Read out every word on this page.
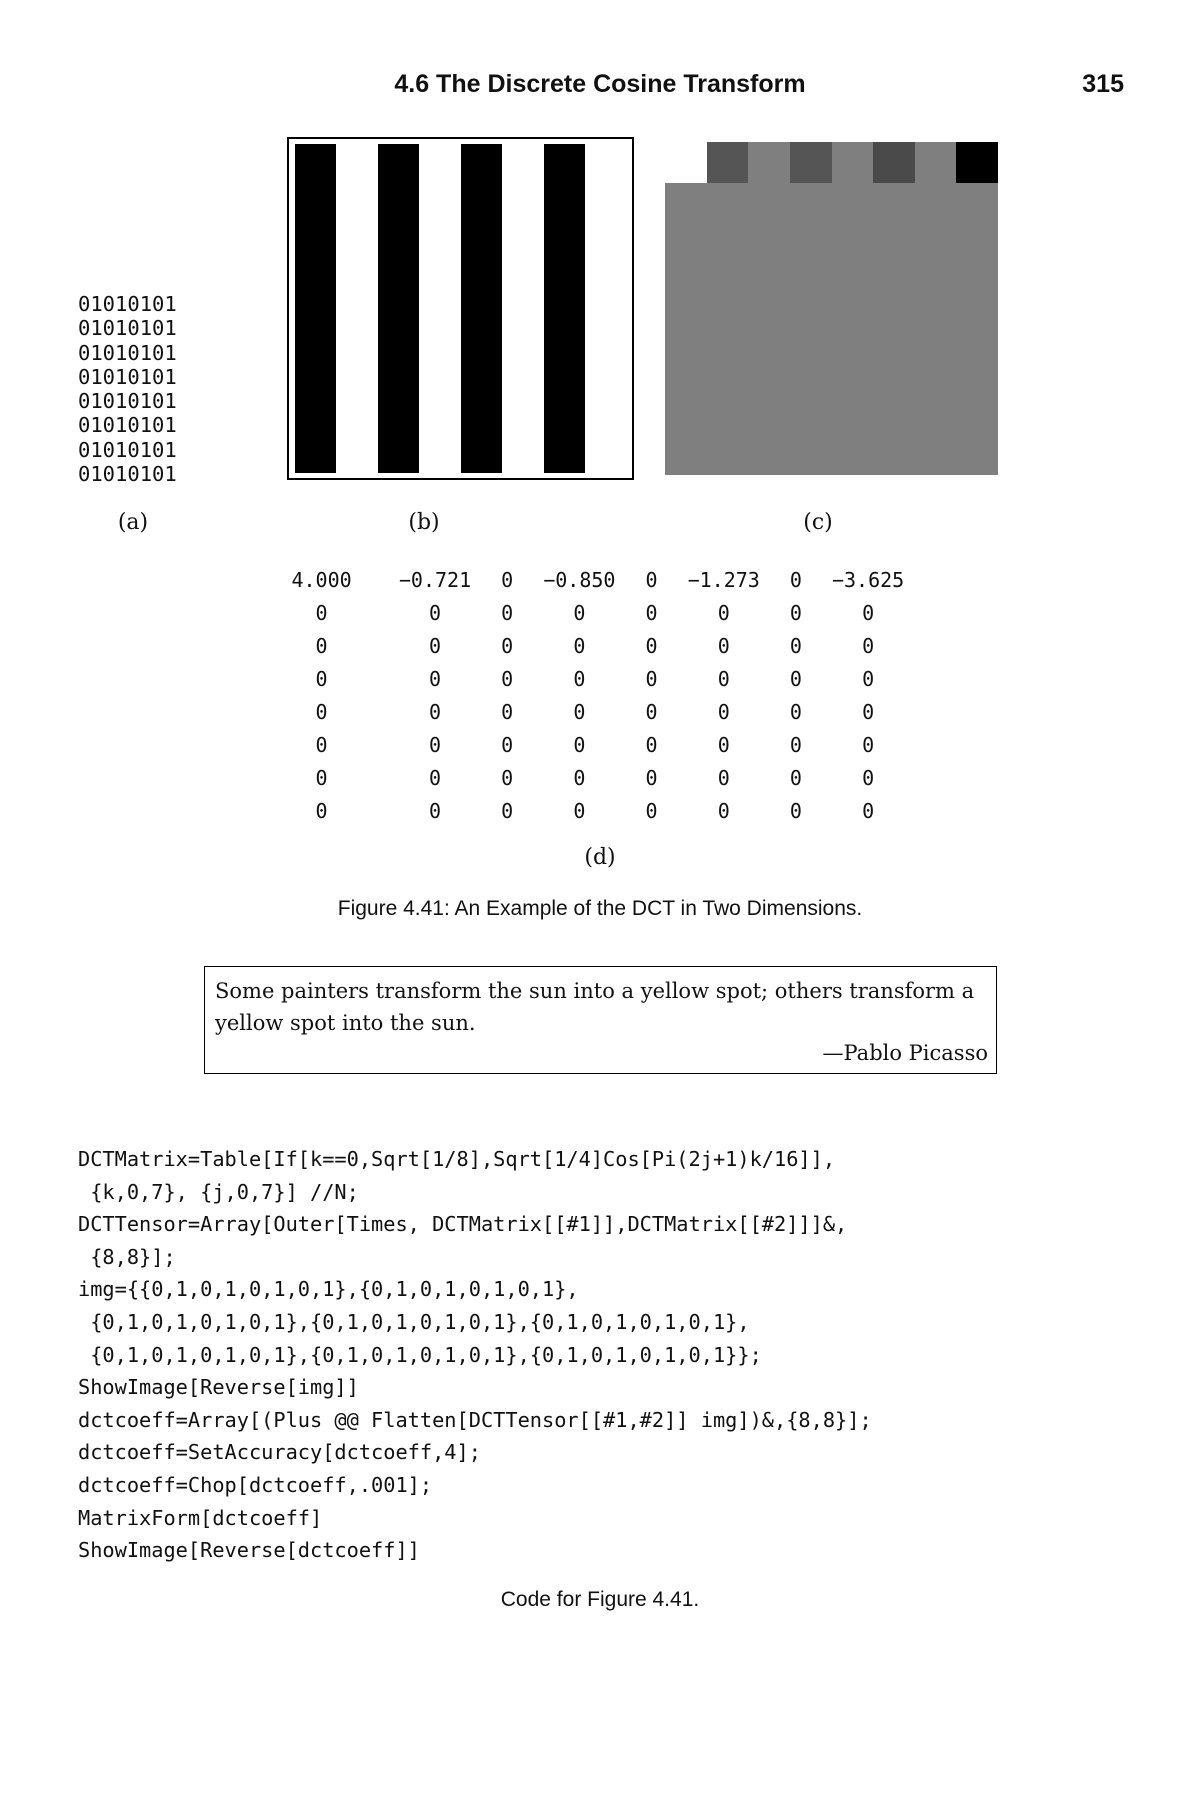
4.6 The Discrete Cosine Transform	315
01010101
01010101
01010101
01010101
01010101
01010101
01010101
01010101
(a)	(b)	(c)
4.000	−0.721	0	−0.850	0	−1.273	0	−3.625
0	0	0	0	0	0	0	0
0	0	0	0	0	0	0	0
0	0	0	0	0	0	0	0
0	0	0	0	0	0	0	0
0	0	0	0	0	0	0	0
0	0	0	0	0	0	0	0
0	0	0	0	0	0	0	0
(d)
Figure 4.41: An Example of the DCT in Two Dimensions.
Some painters transform the sun into a yellow spot; others transform a yellow spot into the sun.
—Pablo Picasso
DCTMatrix=Table[If[k==0,Sqrt[1/8],Sqrt[1/4]Cos[Pi(2j+1)k/16]],
{k,0,7}, {j,0,7}] //N;
DCTTensor=Array[Outer[Times, DCTMatrix[[#1]],DCTMatrix[[#2]]]&,
{8,8}];
img={{0,1,0,1,0,1,0,1},{0,1,0,1,0,1,0,1},
{0,1,0,1,0,1,0,1},{0,1,0,1,0,1,0,1},{0,1,0,1,0,1,0,1},
{0,1,0,1,0,1,0,1},{0,1,0,1,0,1,0,1},{0,1,0,1,0,1,0,1}};
ShowImage[Reverse[img]]
dctcoeff=Array[(Plus @@ Flatten[DCTTensor[[#1,#2]] img])&,{8,8}];
dctcoeff=SetAccuracy[dctcoeff,4];
dctcoeff=Chop[dctcoeff,.001];
MatrixForm[dctcoeff]
ShowImage[Reverse[dctcoeff]]
Code for Figure 4.41.
